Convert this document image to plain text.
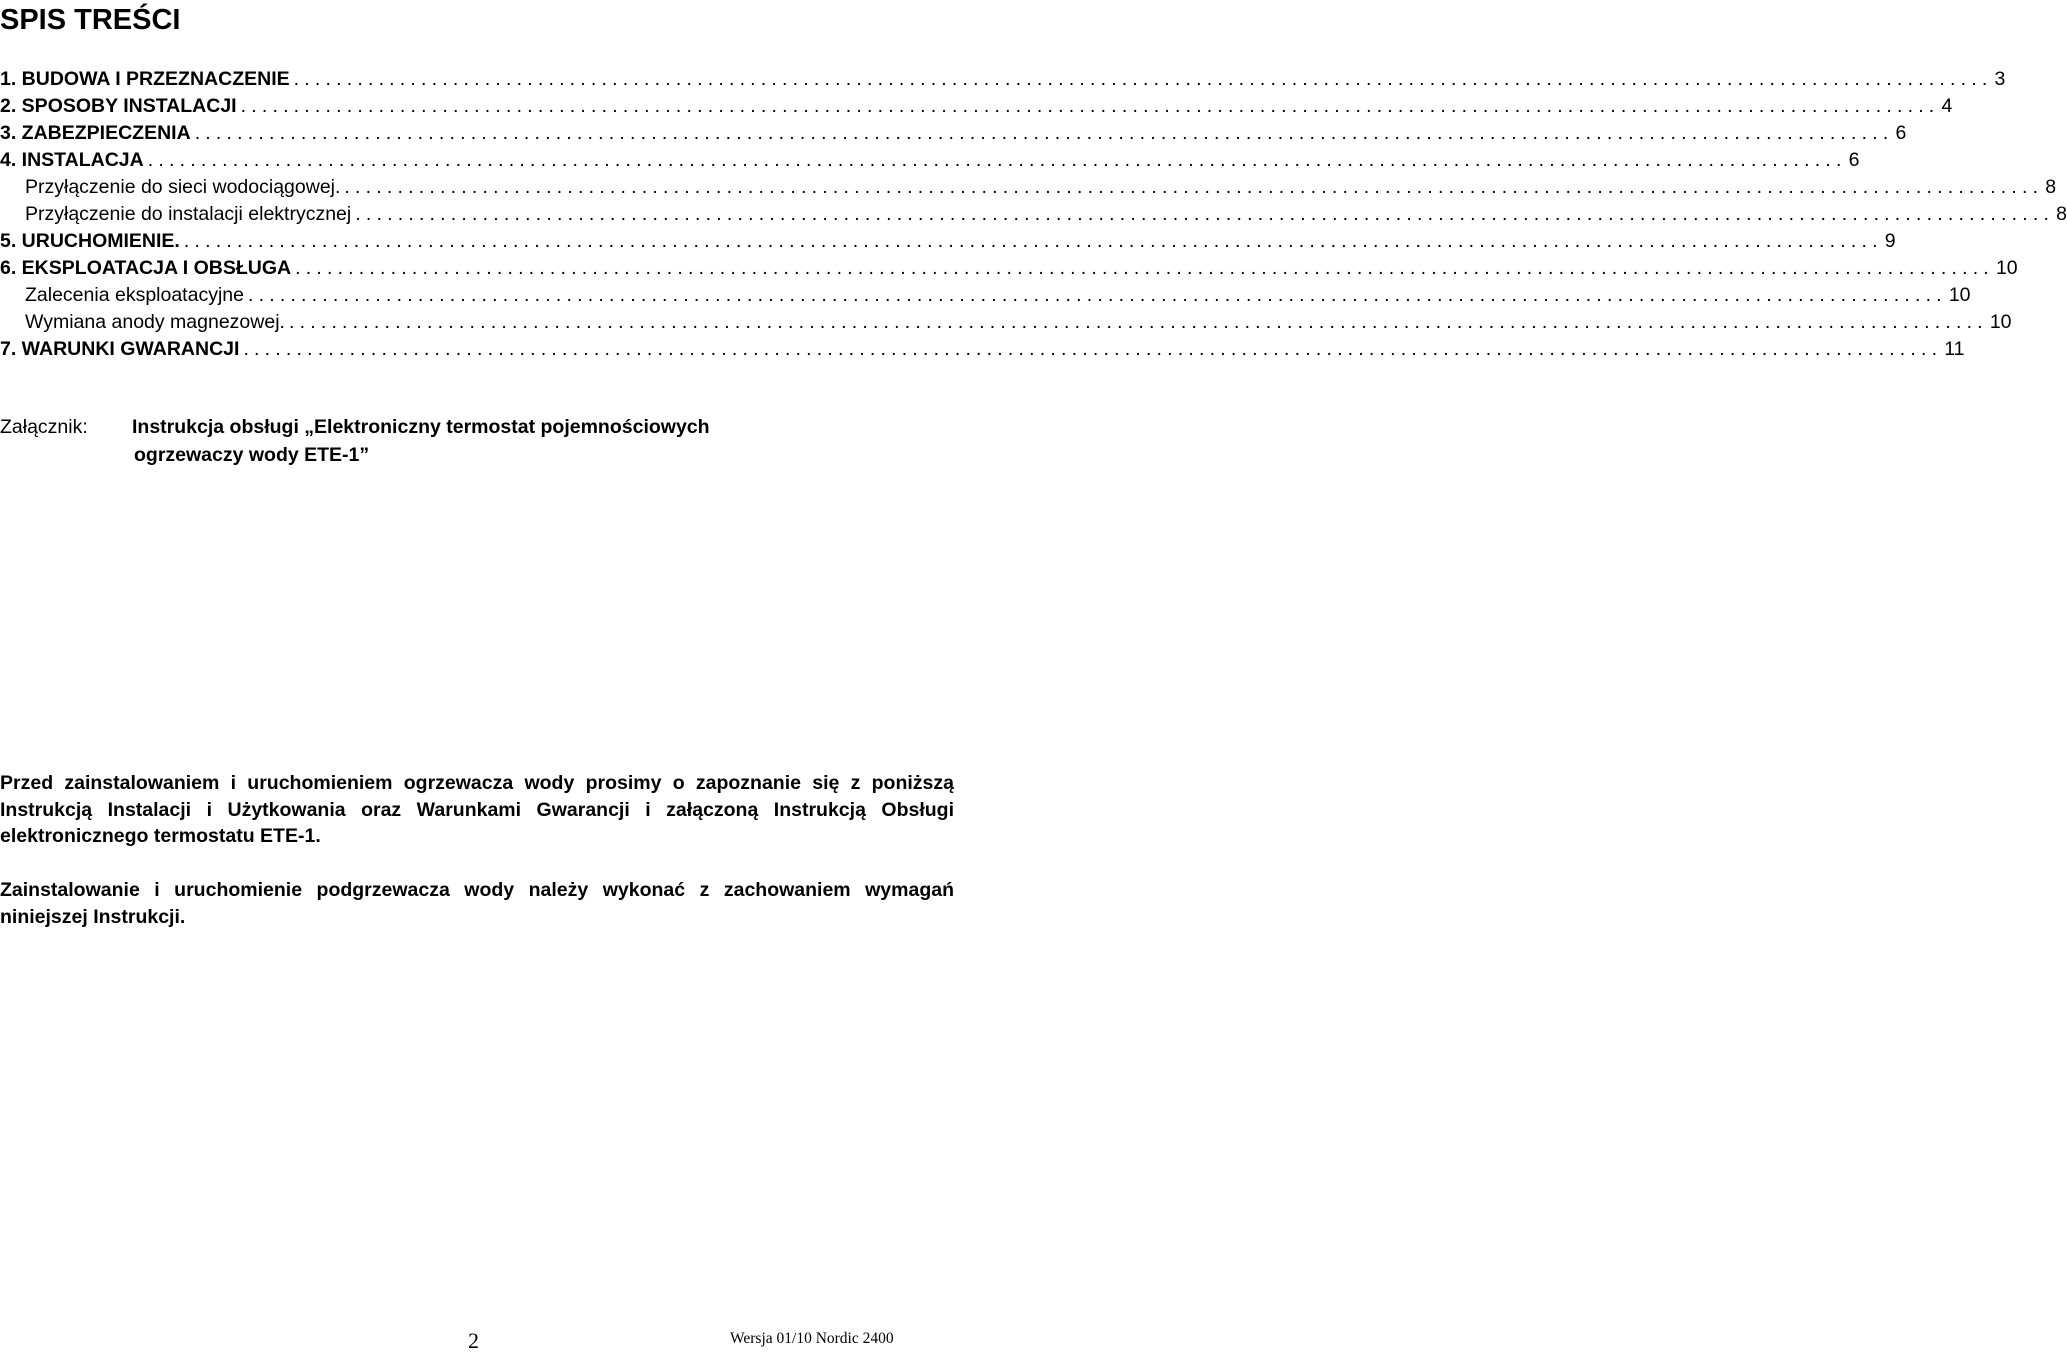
SPIS TREŚCI
1. BUDOWA I PRZEZNACZENIE ................................................................................................................................................................ 3
2. SPOSOBY INSTALACJI ................................................................................................................................................................ 4
3. ZABEZPIECZENIA ................................................................................................................................................................ 6
4. INSTALACJA ................................................................................................................................................................ 6
Przyłączenie do sieci wodociągowej. ................................................................................................................................................................ 8
Przyłączenie do instalacji elektrycznej ................................................................................................................................................................ 8
5. URUCHOMIENIE. ................................................................................................................................................................ 9
6. EKSPLOATACJA I OBSŁUGA ................................................................................................................................................................ 10
Zalecenia eksploatacyjne ................................................................................................................................................................ 10
Wymiana anody magnezowej. ................................................................................................................................................................ 10
7. WARUNKI GWARANCJI ................................................................................................................................................................ 11
Załącznik: Instrukcja obsługi „Elektroniczny termostat pojemnościowych
ogrzewaczy wody ETE-1”

Przed zainstalowaniem i uruchomieniem ogrzewacza wody prosimy o zapoznanie się z poniższą Instrukcją Instalacji i Użytkowania oraz Warunkami Gwarancji i załączoną Instrukcją Obsługi elektronicznego termostatu ETE-1.

Zainstalowanie i uruchomienie podgrzewacza wody należy wykonać z zachowaniem wymagań niniejszej Instrukcji.

2	Wersja 01/10 Nordic 2400
